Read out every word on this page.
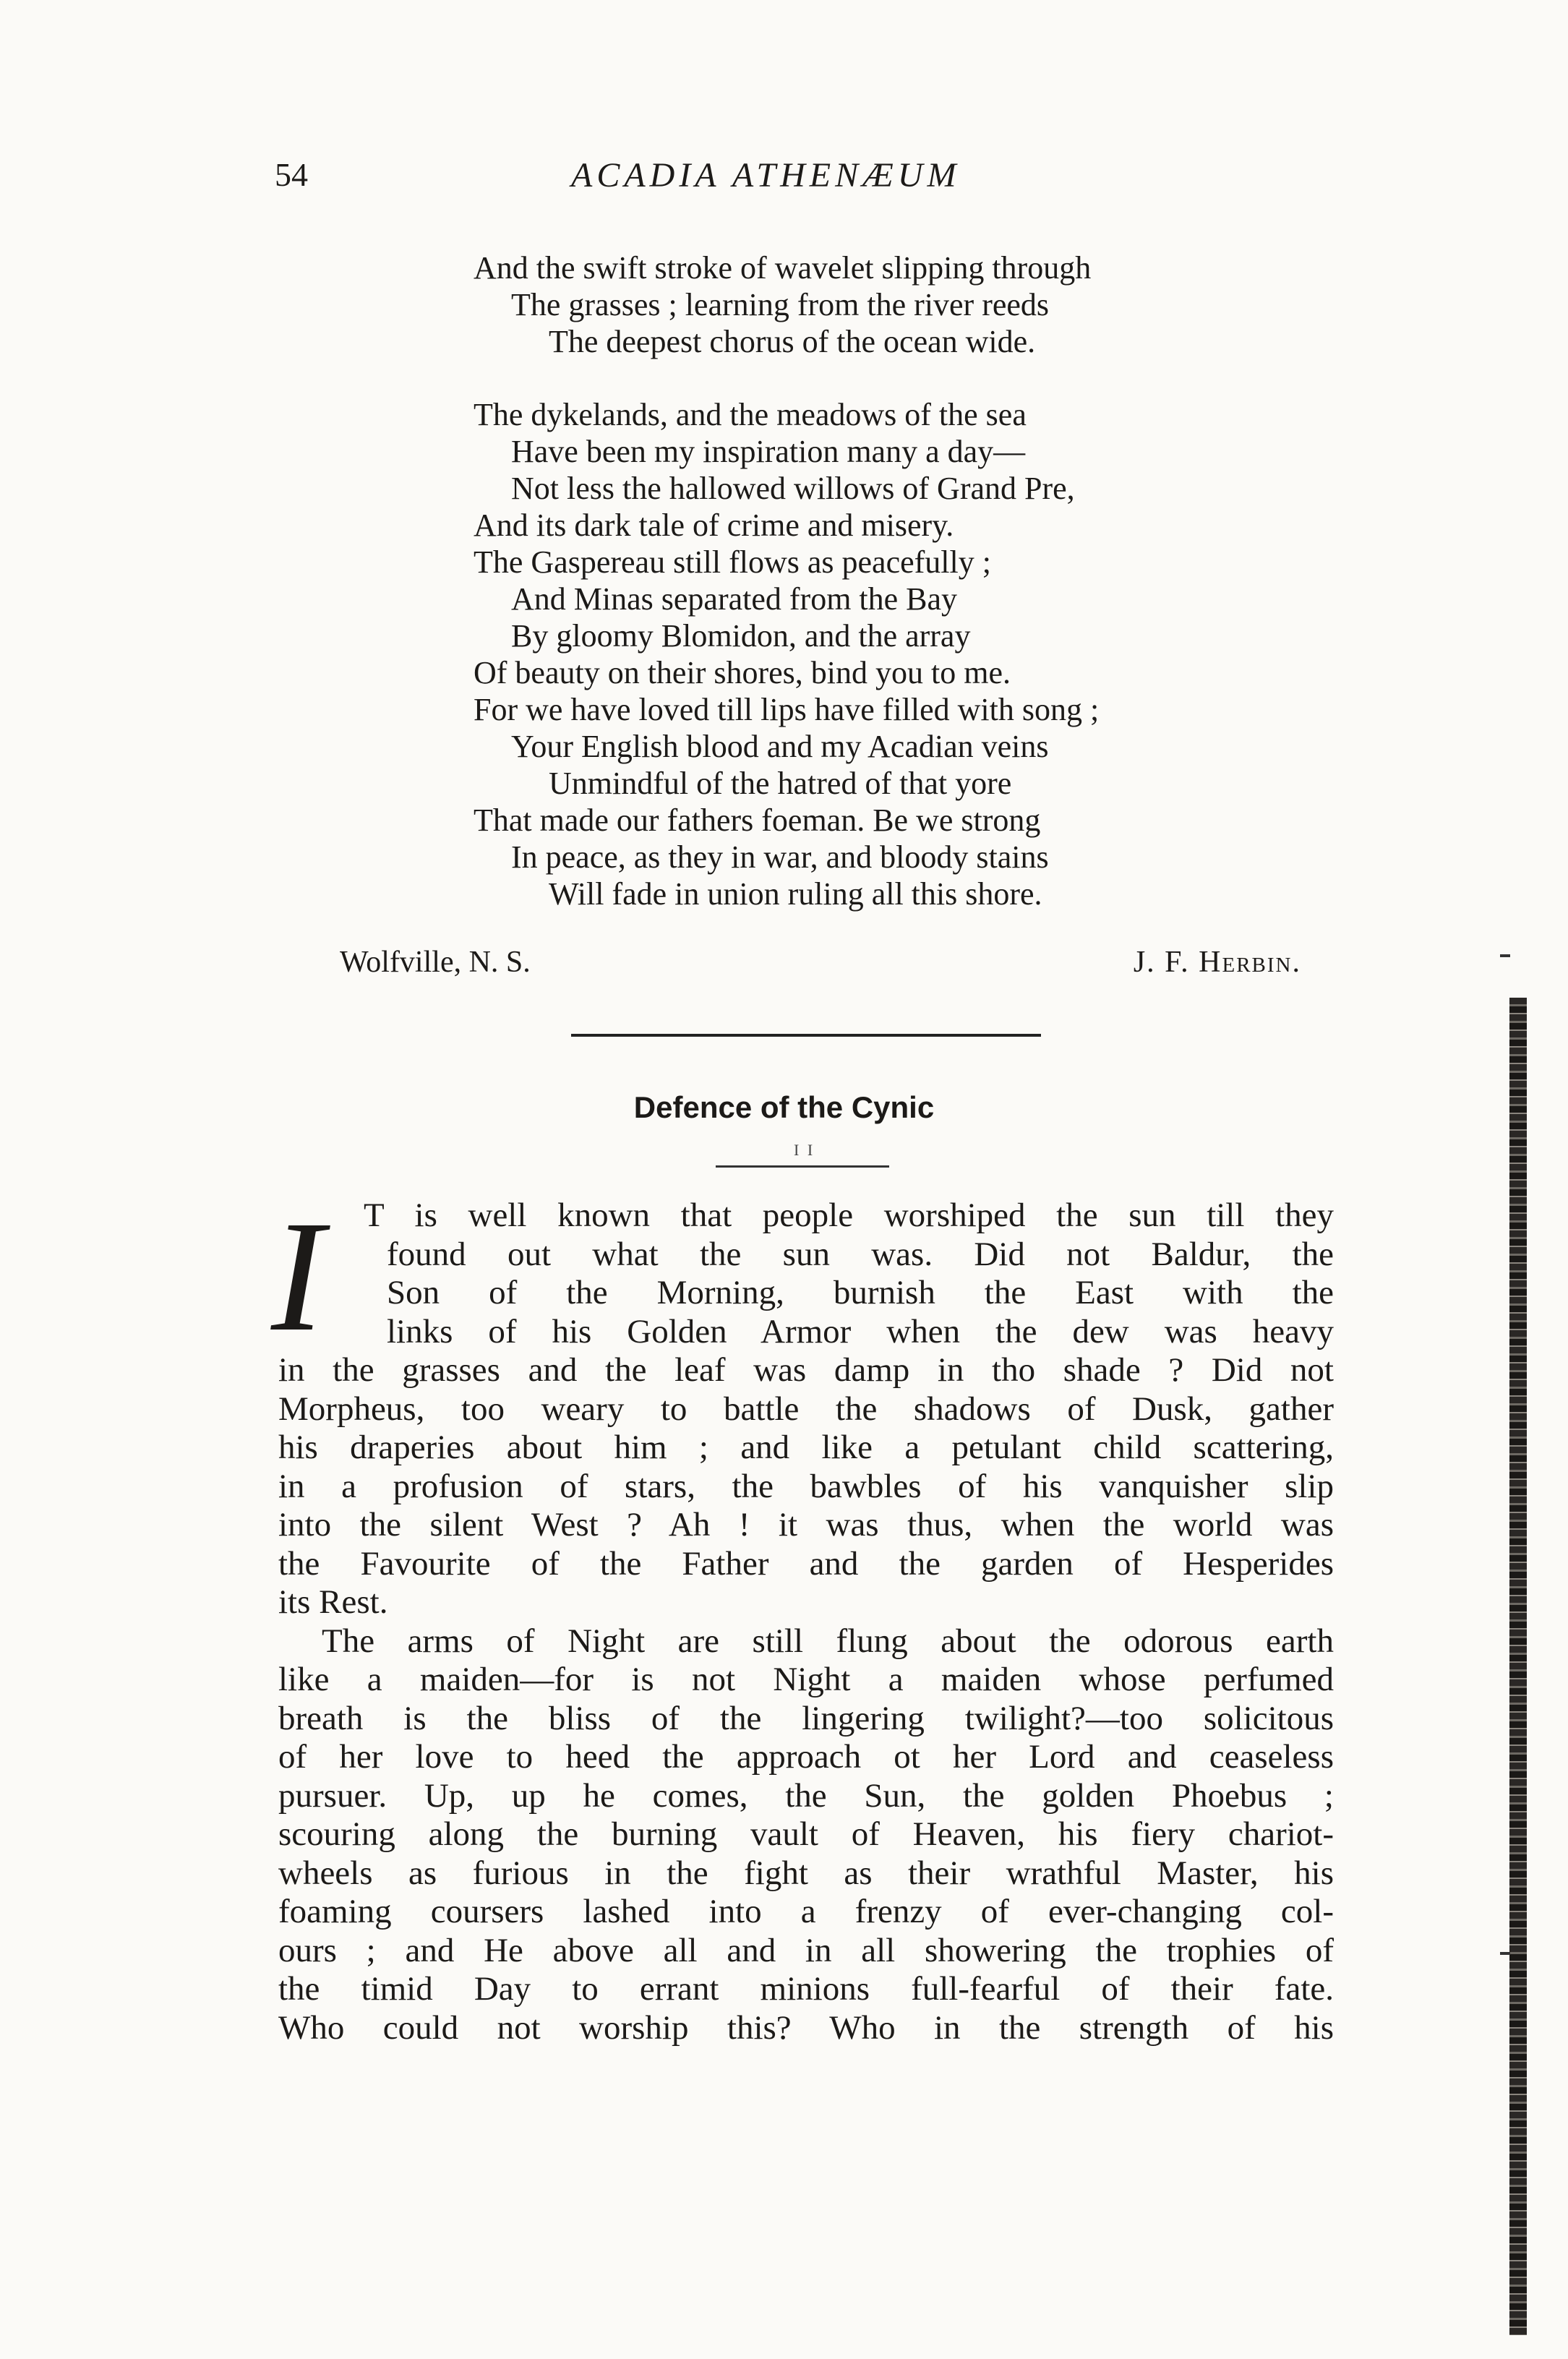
54	ACADIA ATHENÆUM
And the swift stroke of wavelet slipping through
The grasses ; learning from the river reeds
The deepest chorus of the ocean wide.
The dykelands, and the meadows of the sea
Have been my inspiration many a day—
Not less the hallowed willows of Grand Pre,
And its dark tale of crime and misery.
The Gaspereau still flows as peacefully ;
And Minas separated from the Bay
By gloomy Blomidon, and the array
Of beauty on their shores, bind you to me.
For we have loved till lips have filled with song ;
Your English blood and my Acadian veins
Unmindful of the hatred of that yore
That made our fathers foeman. Be we strong
In peace, as they in war, and bloody stains
Will fade in union ruling all this shore.
Wolfville, N. S.	J. F. Herbin.
Defence of the Cynic
I I
I	T is well known that people worshiped the sun till they
found out what the sun was. Did not Baldur, the
Son of the Morning, burnish the East with the
links of his Golden Armor when the dew was heavy
in the grasses and the leaf was damp in tho shade ? Did not
Morpheus, too weary to battle the shadows of Dusk, gather
his draperies about him ; and like a petulant child scattering,
in a profusion of stars, the bawbles of his vanquisher slip
into the silent West ? Ah ! it was thus, when the world was
the Favourite of the Father and the garden of Hesperides
its Rest.
The arms of Night are still flung about the odorous earth
like a maiden—for is not Night a maiden whose perfumed
breath is the bliss of the lingering twilight?—too solicitous
of her love to heed the approach ot her Lord and ceaseless
pursuer. Up, up he comes, the Sun, the golden Phoebus ;
scouring along the burning vault of Heaven, his fiery chariot-
wheels as furious in the fight as their wrathful Master, his
foaming coursers lashed into a frenzy of ever-changing col-
ours ; and He above all and in all showering the trophies of
the timid Day to errant minions full-fearful of their fate.
Who could not worship this? Who in the strength of his
